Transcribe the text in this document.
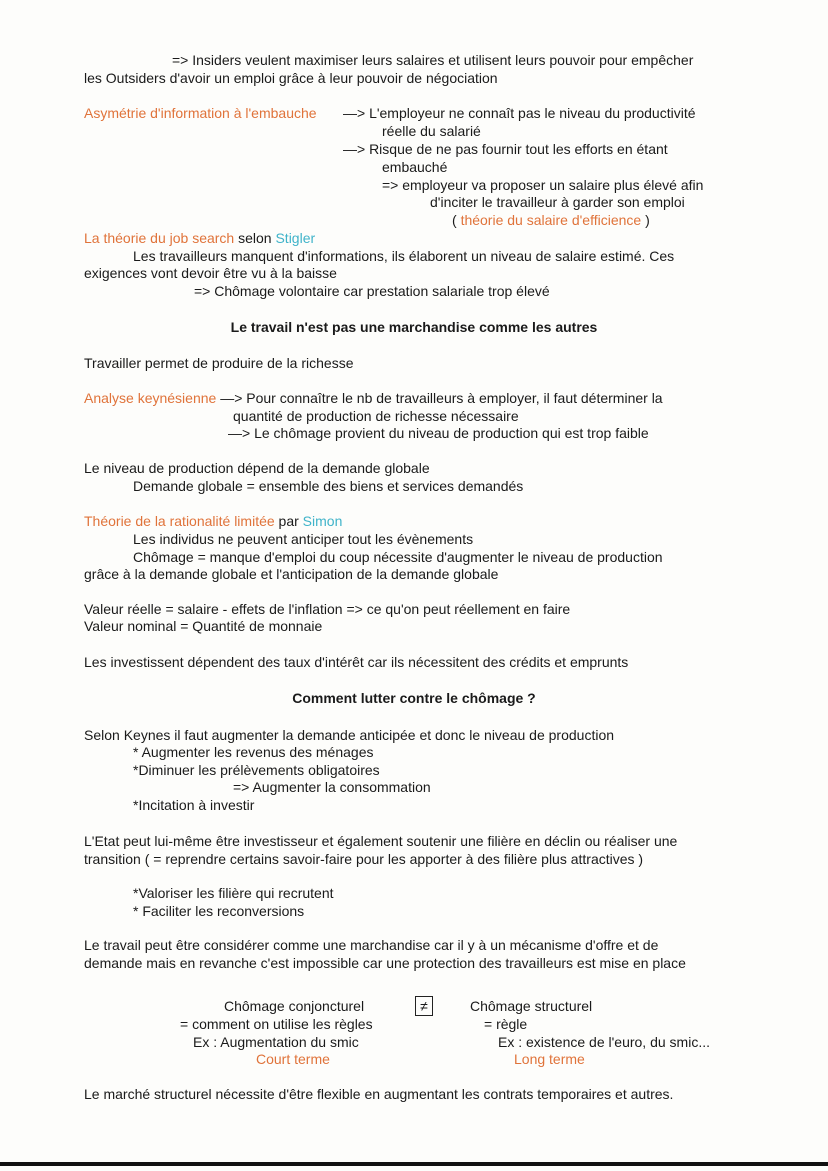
=> Insiders veulent maximiser leurs salaires et utilisent leurs pouvoir pour empêcher
les Outsiders d'avoir un emploi grâce à leur pouvoir de négociation
Asymétrie d'information à l'embauche —> L'employeur ne connaît pas le niveau du productivité
réelle du salarié
—> Risque de ne pas fournir tout les efforts en étant
embauché
=> employeur va proposer un salaire plus élevé afin
d'inciter le travailleur à garder son emploi
( théorie du salaire d'efficience )
La théorie du job search selon Stigler
Les travailleurs manquent d'informations, ils élaborent un niveau de salaire estimé. Ces
exigences vont devoir être vu à la baisse
=> Chômage volontaire car prestation salariale trop élevé
Le travail n'est pas une marchandise comme les autres
Travailler permet de produire de la richesse
Analyse keynésienne —> Pour connaître le nb de travailleurs à employer, il faut déterminer la
quantité de production de richesse nécessaire
—> Le chômage provient du niveau de production qui est trop faible
Le niveau de production dépend de la demande globale
Demande globale = ensemble des biens et services demandés
Théorie de la rationalité limitée par Simon
Les individus ne peuvent anticiper tout les évènements
Chômage = manque d'emploi du coup nécessite d'augmenter le niveau de production
grâce à la demande globale et l'anticipation de la demande globale
Valeur réelle = salaire - effets de l'inflation => ce qu'on peut réellement en faire
Valeur nominal = Quantité de monnaie
Les investissent dépendent des taux d'intérêt car ils nécessitent des crédits et emprunts
Comment lutter contre le chômage ?
Selon Keynes il faut augmenter la demande anticipée et donc le niveau de production
* Augmenter les revenus des ménages
*Diminuer les prélèvements obligatoires
=> Augmenter la consommation
*Incitation à investir
L'Etat peut lui-même être investisseur et également soutenir une filière en déclin ou réaliser une
transition ( = reprendre certains savoir-faire pour les apporter à des filière plus attractives )
*Valoriser les filière qui recrutent
* Faciliter les reconversions
Le travail peut être considérer comme une marchandise car il y à un mécanisme d'offre et de
demande mais en revanche c'est impossible car une protection des travailleurs est mise en place
Chômage conjoncturel
= comment on utilise les règles
Ex : Augmentation du smic
Court terme
≠	Chômage structurel
= règle
Ex : existence de l'euro, du smic...
Long terme
Le marché structurel nécessite d'être flexible en augmentant les contrats temporaires et autres.
